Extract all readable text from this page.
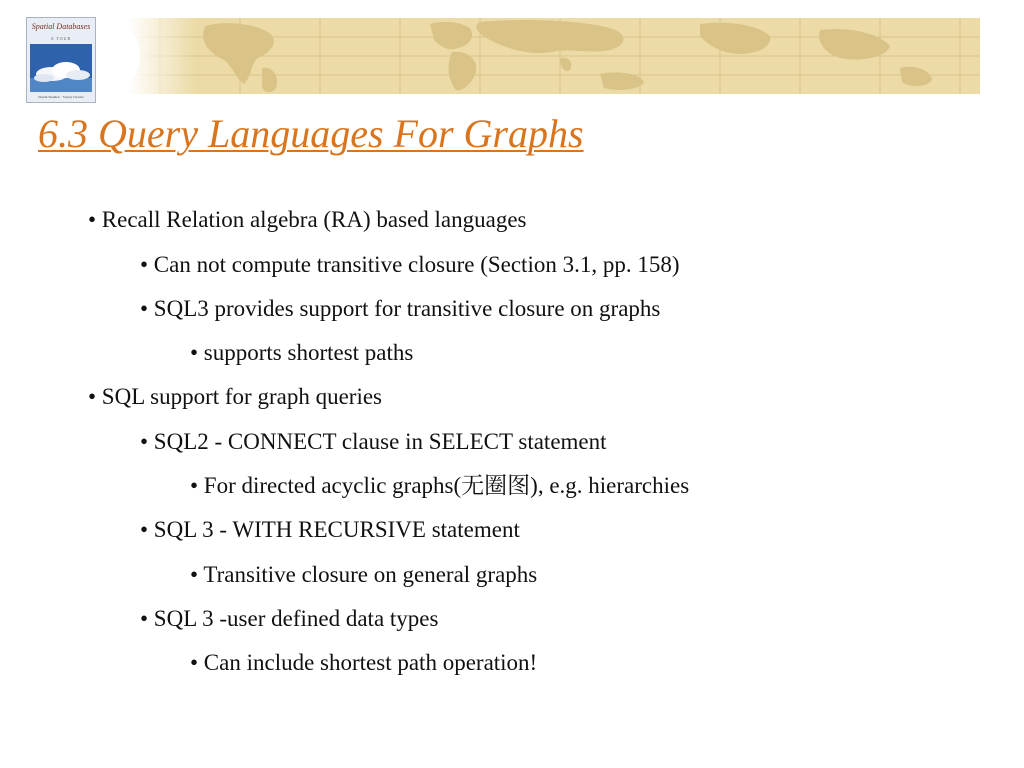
Spatial Databases
A TOUR
Shashi Shekhar · Sanjay Chawla
6.3 Query Languages For Graphs
• Recall Relation algebra (RA) based languages
• Can not compute transitive closure (Section 3.1, pp. 158)
• SQL3 provides support for transitive closure on graphs
• supports shortest paths
• SQL support for graph queries
• SQL2 - CONNECT clause in SELECT statement
• For directed acyclic graphs(无圈图), e.g. hierarchies
• SQL 3 - WITH RECURSIVE statement
• Transitive closure on general graphs
• SQL 3 -user defined data types
• Can include shortest path operation!
